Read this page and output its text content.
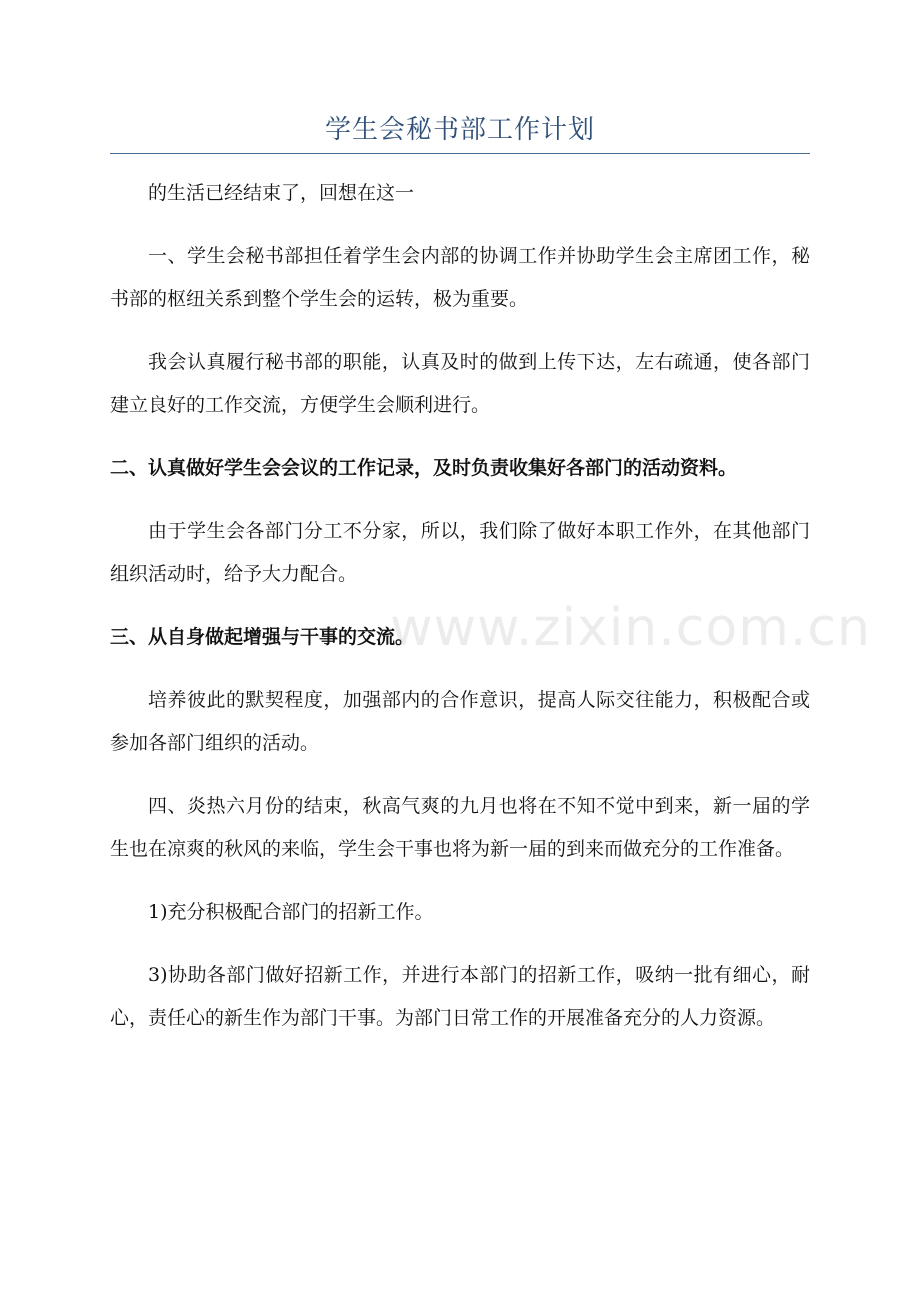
学生会秘书部工作计划

的生活已经结束了，回想在这一

一、学生会秘书部担任着学生会内部的协调工作并协助学生会主席团工作，秘书部的枢纽关系到整个学生会的运转，极为重要。

我会认真履行秘书部的职能，认真及时的做到上传下达，左右疏通，使各部门建立良好的工作交流，方便学生会顺利进行。

二、认真做好学生会会议的工作记录，及时负责收集好各部门的活动资料。

由于学生会各部门分工不分家，所以，我们除了做好本职工作外，在其他部门组织活动时，给予大力配合。

三、从自身做起增强与干事的交流。

培养彼此的默契程度，加强部内的合作意识，提高人际交往能力，积极配合或参加各部门组织的活动。

四、炎热六月份的结束，秋高气爽的九月也将在不知不觉中到来，新一届的学生也在凉爽的秋风的来临，学生会干事也将为新一届的到来而做充分的工作准备。

1)充分积极配合部门的招新工作。

3)协助各部门做好招新工作，并进行本部门的招新工作，吸纳一批有细心，耐心，责任心的新生作为部门干事。为部门日常工作的开展准备充分的人力资源。

www.zixin.com.cn
